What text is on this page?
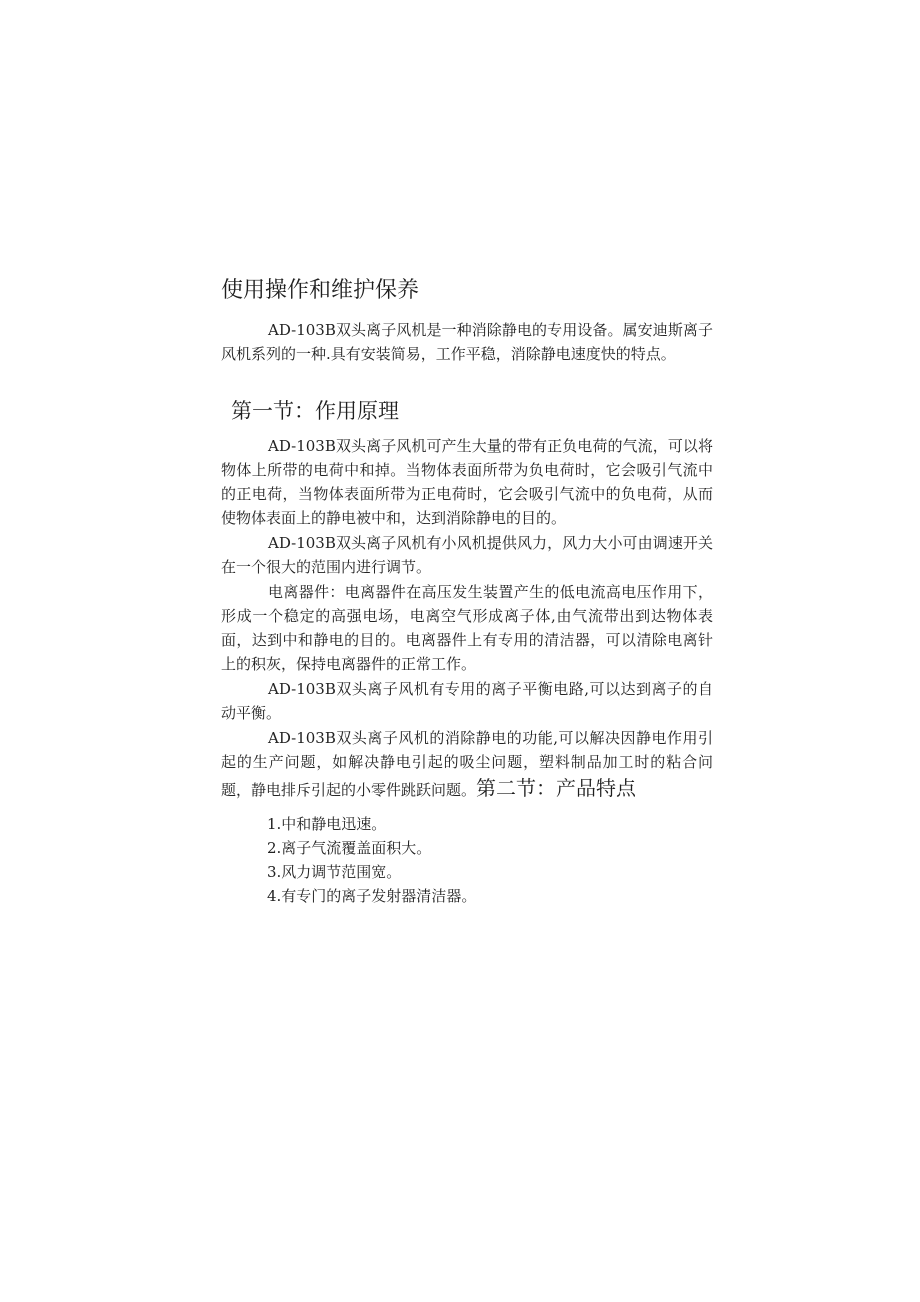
使用操作和维护保养

AD-103B双头离子风机是一种消除静电的专用设备。属安迪斯离子风机系列的一种.具有安装简易，工作平稳，消除静电速度快的特点。

第一节：作用原理

AD-103B双头离子风机可产生大量的带有正负电荷的气流，可以将物体上所带的电荷中和掉。当物体表面所带为负电荷时，它会吸引气流中的正电荷，当物体表面所带为正电荷时，它会吸引气流中的负电荷，从而使物体表面上的静电被中和，达到消除静电的目的。

AD-103B双头离子风机有小风机提供风力，风力大小可由调速开关在一个很大的范围内进行调节。

电离器件：电离器件在高压发生装置产生的低电流高电压作用下，形成一个稳定的高强电场，电离空气形成离子体,由气流带出到达物体表面，达到中和静电的目的。电离器件上有专用的清洁器，可以清除电离针上的积灰，保持电离器件的正常工作。

AD-103B双头离子风机有专用的离子平衡电路,可以达到离子的自动平衡。

AD-103B双头离子风机的消除静电的功能,可以解决因静电作用引起的生产问题，如解决静电引起的吸尘问题，塑料制品加工时的粘合问题，静电排斥引起的小零件跳跃问题。第二节：产品特点

1.中和静电迅速。
2.离子气流覆盖面积大。
3.风力调节范围宽。
4.有专门的离子发射器清洁器。
